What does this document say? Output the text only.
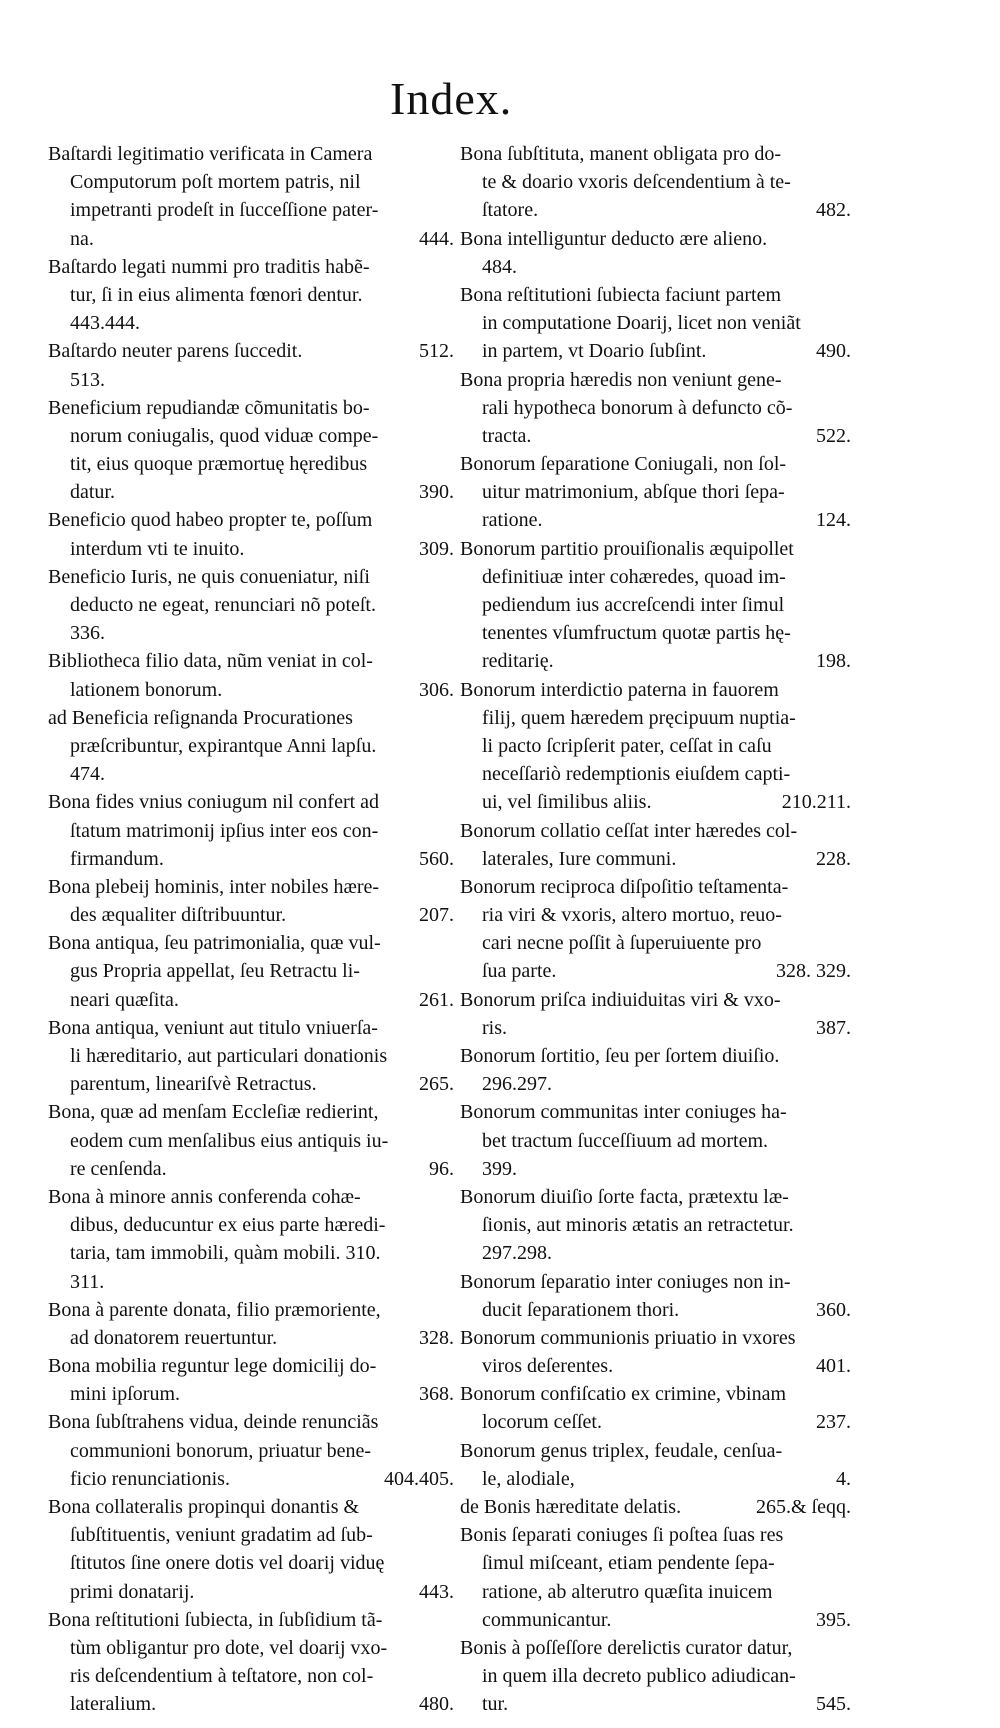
Index.
Baſtardi legitimatio verificata in Camera
Computorum poſt mortem patris, nil
impetranti prodeſt in ſucceſſione pater-
na.	444.
Baſtardo legati nummi pro traditis habẽ-
tur, ſi in eius alimenta fœnori dentur.
443.444.
Baſtardo neuter parens ſuccedit.	512.
513.
Beneficium repudiandæ cõmunitatis bo-
norum coniugalis, quod viduæ compe-
tit, eius quoque præmortuę hęredibus
datur.	390.
Beneficio quod habeo propter te, poſſum
interdum vti te inuito.	309.
Beneficio Iuris, ne quis conueniatur, niſi
deducto ne egeat, renunciari nõ poteſt.
336.
Bibliotheca filio data, nũm veniat in col-
lationem bonorum.	306.
ad Beneficia reſignanda Procurationes
præſcribuntur, expirantque Anni lapſu.
474.
Bona fides vnius coniugum nil confert ad
ſtatum matrimonij ipſius inter eos con-
firmandum.	560.
Bona plebeij hominis, inter nobiles hære-
des æqualiter diſtribuuntur.	207.
Bona antiqua, ſeu patrimonialia, quæ vul-
gus Propria appellat, ſeu Retractu li-
neari quæſita.	261.
Bona antiqua, veniunt aut titulo vniuerſa-
li hæreditario, aut particulari donationis
parentum, lineariſvè Retractus.	265.
Bona, quæ ad menſam Eccleſiæ redierint,
eodem cum menſalibus eius antiquis iu-
re cenſenda.	96.
Bona à minore annis conferenda cohæ-
dibus, deducuntur ex eius parte hæredi-
taria, tam immobili, quàm mobili. 310.
311.
Bona à parente donata, filio præmoriente,
ad donatorem reuertuntur.	328.
Bona mobilia reguntur lege domicilij do-
mini ipſorum.	368.
Bona ſubſtrahens vidua, deinde renunciãs
communioni bonorum, priuatur bene-
ficio renunciationis.	404.405.
Bona collateralis propinqui donantis &
ſubſtituentis, veniunt gradatim ad ſub-
ſtitutos ſine onere dotis vel doarij viduę
primi donatarij.	443.
Bona reſtitutioni ſubiecta, in ſubſidium tã-
tùm obligantur pro dote, vel doarij vxo-
ris deſcendentium à teſtatore, non col-
lateralium.	480.
Bona ſubſtituta, manent obligata pro do-
te & doario vxoris deſcendentium à te-
ſtatore.	482.
Bona intelliguntur deducto ære alieno.
484.
Bona reſtitutioni ſubiecta faciunt partem
in computatione Doarij, licet non veniãt
in partem, vt Doario ſubſint.	490.
Bona propria hæredis non veniunt gene-
rali hypotheca bonorum à defuncto cõ-
tracta.	522.
Bonorum ſeparatione Coniugali, non ſol-
uitur matrimonium, abſque thori ſepa-
ratione.	124.
Bonorum partitio prouiſionalis æquipollet
definitiuæ inter cohæredes, quoad im-
pediendum ius accreſcendi inter ſimul
tenentes vſumfructum quotæ partis hę-
reditarię.	198.
Bonorum interdictio paterna in fauorem
filij, quem hæredem pręcipuum nuptia-
li pacto ſcripſerit pater, ceſſat in caſu
neceſſariò redemptionis eiuſdem capti-
ui, vel ſimilibus aliis.	210.211.
Bonorum collatio ceſſat inter hæredes col-
laterales, Iure communi.	228.
Bonorum reciproca diſpoſitio teſtamenta-
ria viri & vxoris, altero mortuo, reuo-
cari necne poſſit à ſuperuiuente pro
ſua parte.	328. 329.
Bonorum priſca indiuiduitas viri & vxo-
ris.	387.
Bonorum ſortitio, ſeu per ſortem diuiſio.
296.297.
Bonorum communitas inter coniuges ha-
bet tractum ſucceſſiuum ad mortem.
399.
Bonorum diuiſio ſorte facta, prætextu læ-
ſionis, aut minoris ætatis an retractetur.
297.298.
Bonorum ſeparatio inter coniuges non in-
ducit ſeparationem thori.	360.
Bonorum communionis priuatio in vxores
viros deſerentes.	401.
Bonorum confiſcatio ex crimine, vbinam
locorum ceſſet.	237.
Bonorum genus triplex, feudale, cenſua-
le, alodiale,	4.
de Bonis hæreditate delatis.	265.& ſeqq.
Bonis ſeparati coniuges ſi poſtea ſuas res
ſimul miſceant, etiam pendente ſepa-
ratione, ab alterutro quæſita inuicem
communicantur.	395.
Bonis à poſſeſſore derelictis curator datur,
in quem illa decreto publico adiudican-
tur.	545.
